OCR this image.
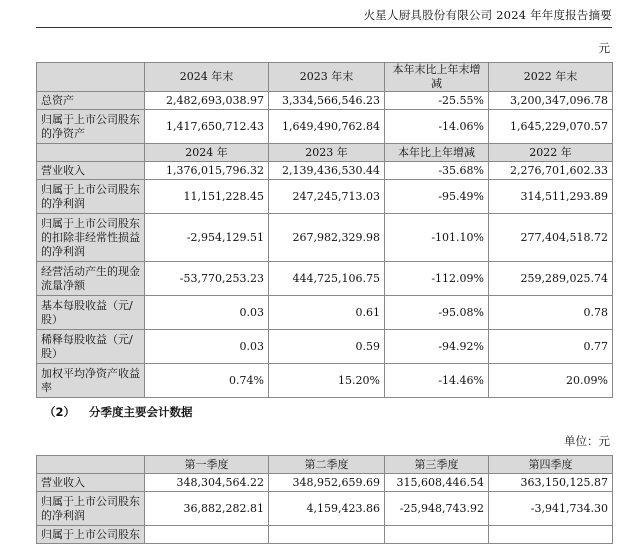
火星人厨具股份有限公司 2024 年年度报告摘要
元
	2024 年末	2023 年末	本年末比上年末增减	2022 年末
总资产	2,482,693,038.97	3,334,566,546.23	-25.55%	3,200,347,096.78
归属于上市公司股东的净资产	1,417,650,712.43	1,649,490,762.84	-14.06%	1,645,229,070.57
	2024 年	2023 年	本年比上年增减	2022 年
营业收入	1,376,015,796.32	2,139,436,530.44	-35.68%	2,276,701,602.33
归属于上市公司股东的净利润	11,151,228.45	247,245,713.03	-95.49%	314,511,293.89
归属于上市公司股东的扣除非经常性损益的净利润	-2,954,129.51	267,982,329.98	-101.10%	277,404,518.72
经营活动产生的现金流量净额	-53,770,253.23	444,725,106.75	-112.09%	259,289,025.74
基本每股收益（元/股）	0.03	0.61	-95.08%	0.78
稀释每股收益（元/股）	0.03	0.59	-94.92%	0.77
加权平均净资产收益率	0.74%	15.20%	-14.46%	20.09%
（2） 分季度主要会计数据
单位：元
	第一季度	第二季度	第三季度	第四季度
营业收入	348,304,564.22	348,952,659.69	315,608,446.54	363,150,125.87
归属于上市公司股东的净利润	36,882,282.81	4,159,423.86	-25,948,743.92	-3,941,734.30
归属于上市公司股东				
